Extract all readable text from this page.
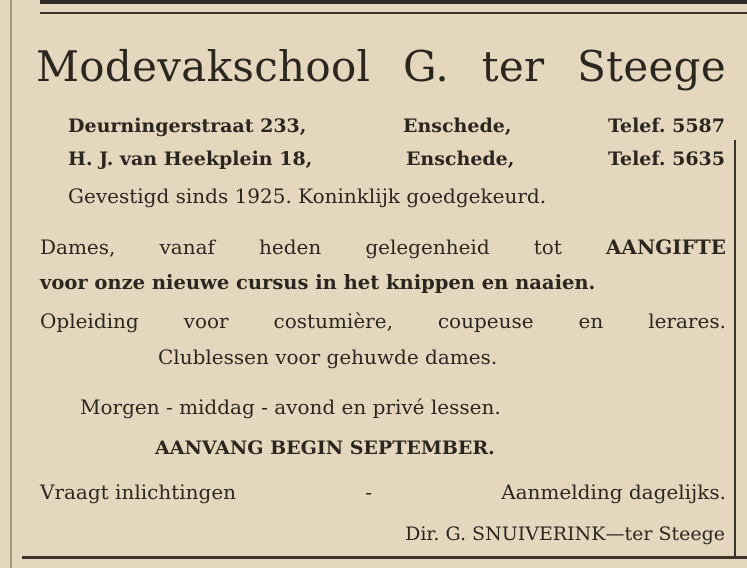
Modevakschool G. ter Steege
Deurningerstraat 233,	Enschede,	Telef. 5587
H. J. van Heekplein 18,	Enschede,	Telef. 5635
Gevestigd sinds 1925. Koninklijk goedgekeurd.
Dames, vanaf heden gelegenheid tot AANGIFTE
voor onze nieuwe cursus in het knippen en naaien.
Opleiding voor costumière, coupeuse en lerares.
Clublessen voor gehuwde dames.
Morgen - middag - avond en privé lessen.
AANVANG BEGIN SEPTEMBER.
Vraagt inlichtingen	-	Aanmelding dagelijks.
Dir. G. SNUIVERINK—ter Steege
